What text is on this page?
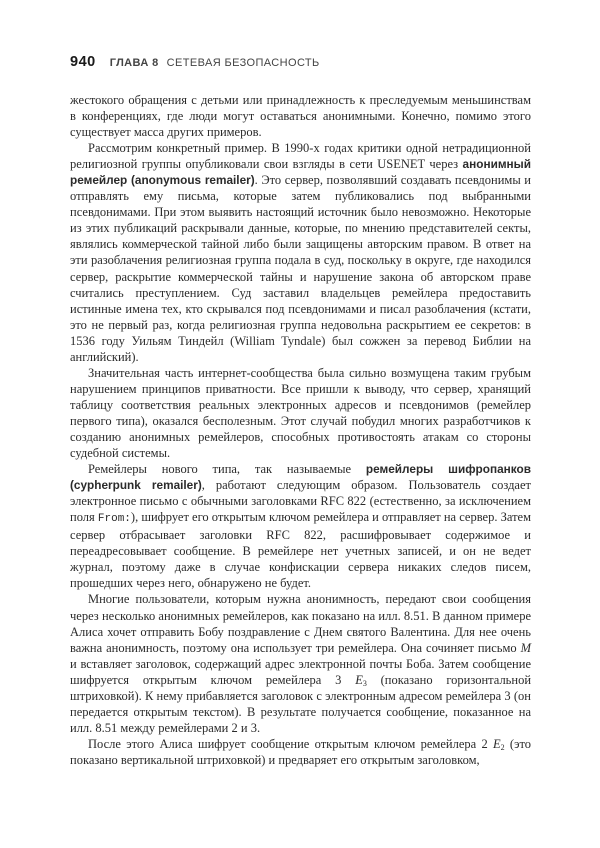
940 ГЛАВА 8 СЕТЕВАЯ БЕЗОПАСНОСТЬ

жестокого обращения с детьми или принадлежность к преследуемым меньшинствам в конференциях, где люди могут оставаться анонимными. Конечно, помимо этого существует масса других примеров.

Рассмотрим конкретный пример. В 1990-х годах критики одной нетрадиционной религиозной группы опубликовали свои взгляды в сети USENET через анонимный ремейлер (anonymous remailer). Это сервер, позволявший создавать псевдонимы и отправлять ему письма, которые затем публиковались под выбранными псевдонимами. При этом выявить настоящий источник было невозможно. Некоторые из этих публикаций раскрывали данные, которые, по мнению представителей секты, являлись коммерческой тайной либо были защищены авторским правом. В ответ на эти разоблачения религиозная группа подала в суд, поскольку в округе, где находился сервер, раскрытие коммерческой тайны и нарушение закона об авторском праве считались преступлением. Суд заставил владельцев ремейлера предоставить истинные имена тех, кто скрывался под псевдонимами и писал разоблачения (кстати, это не первый раз, когда религиозная группа недовольна раскрытием ее секретов: в 1536 году Уильям Тиндейл (William Tyndale) был сожжен за перевод Библии на английский).

Значительная часть интернет-сообщества была сильно возмущена таким грубым нарушением принципов приватности. Все пришли к выводу, что сервер, хранящий таблицу соответствия реальных электронных адресов и псевдонимов (ремейлер первого типа), оказался бесполезным. Этот случай побудил многих разработчиков к созданию анонимных ремейлеров, способных противостоять атакам со стороны судебной системы.

Ремейлеры нового типа, так называемые ремейлеры шифропанков (cypherpunk remailer), работают следующим образом. Пользователь создает электронное письмо с обычными заголовками RFC 822 (естественно, за исключением поля From:), шифрует его открытым ключом ремейлера и отправляет на сервер. Затем сервер отбрасывает заголовки RFC 822, расшифровывает содержимое и переадресовывает сообщение. В ремейлере нет учетных записей, и он не ведет журнал, поэтому даже в случае конфискации сервера никаких следов писем, прошедших через него, обнаружено не будет.

Многие пользователи, которым нужна анонимность, передают свои сообщения через несколько анонимных ремейлеров, как показано на илл. 8.51. В данном примере Алиса хочет отправить Бобу поздравление с Днем святого Валентина. Для нее очень важна анонимность, поэтому она использует три ремейлера. Она сочиняет письмо M и вставляет заголовок, содержащий адрес электронной почты Боба. Затем сообщение шифруется открытым ключом ремейлера 3 $E_3$ (показано горизонтальной штриховкой). К нему прибавляется заголовок с электронным адресом ремейлера 3 (он передается открытым текстом). В результате получается сообщение, показанное на илл. 8.51 между ремейлерами 2 и 3.

После этого Алиса шифрует сообщение открытым ключом ремейлера 2 $E_2$ (это показано вертикальной штриховкой) и предваряет его открытым заголовком,
